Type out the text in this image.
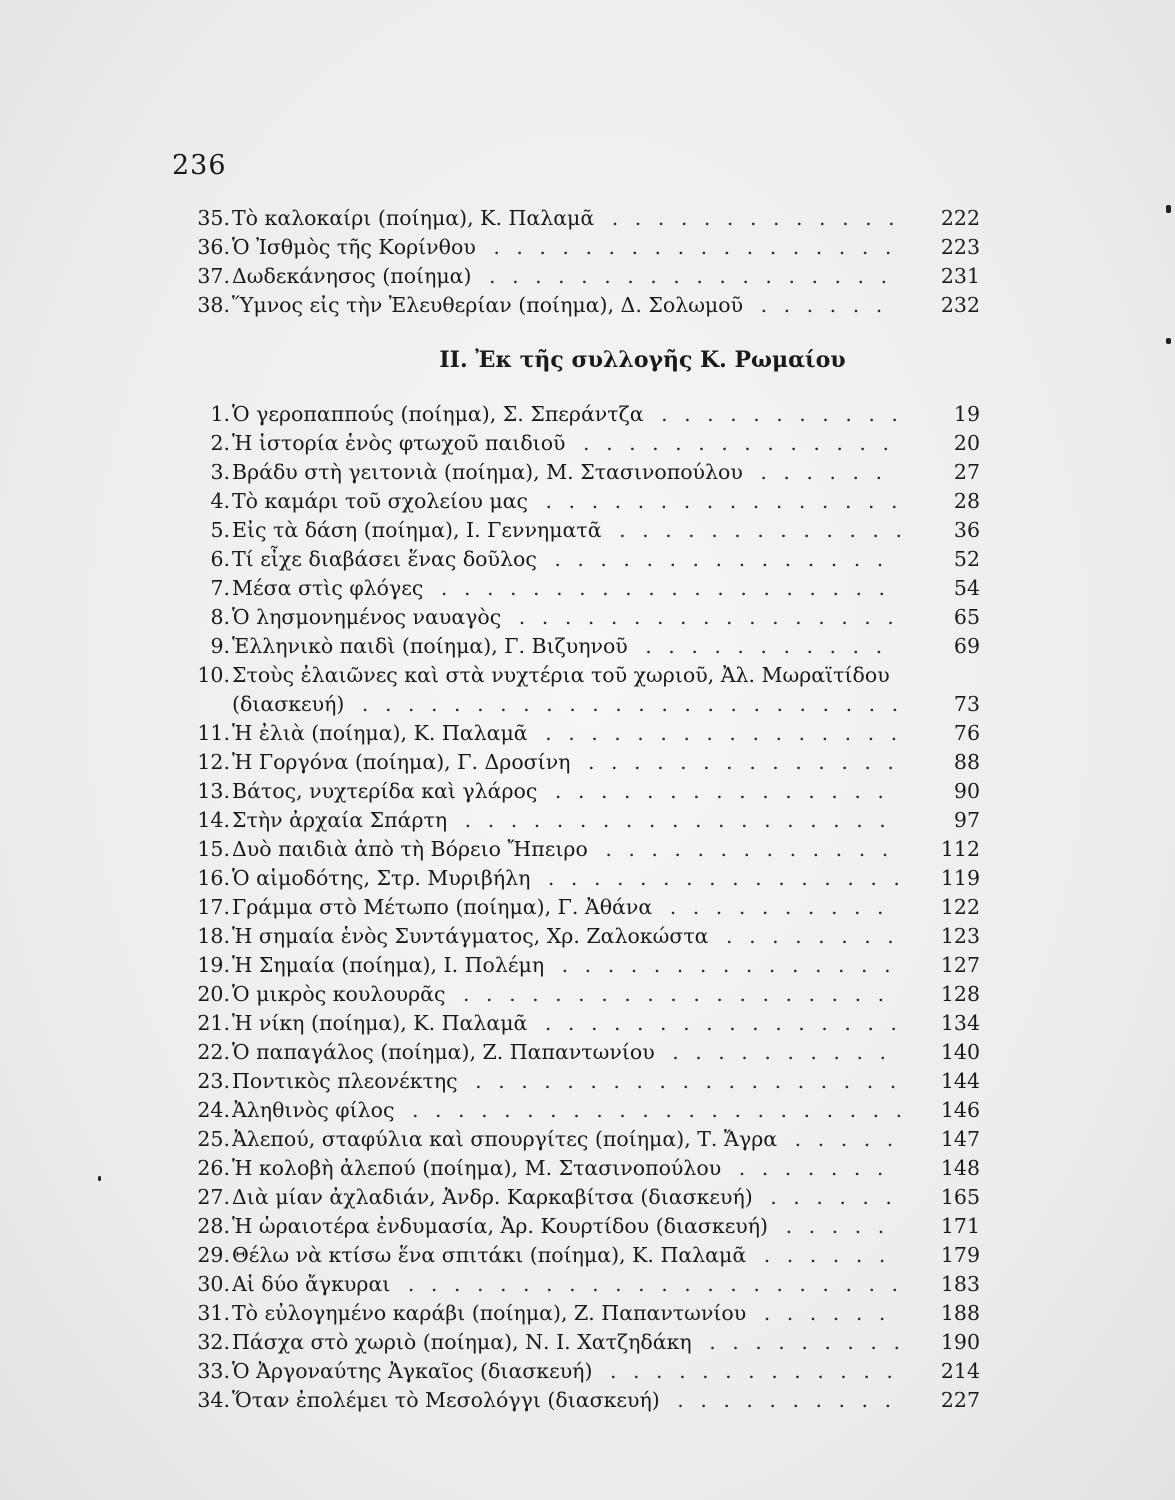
236
35. Τὸ καλοκαίρι (ποίημα), Κ. Παλαμᾶ . . .	222
36. Ὁ Ἰσθμὸς τῆς Κορίνθου . . .	223
37. Δωδεκάνησος (ποίημα) . . .	231
38. Ὕμνος εἰς τὴν Ἐλευθερίαν (ποίημα), Δ. Σολωμοῦ . . .	232
II. Ἐκ τῆς συλλογῆς Κ. Ρωμαίου
1. Ὁ γεροπαππούς (ποίημα), Σ. Σπεράντζα . . .	19
2. Ἡ ἱστορία ἑνὸς φτωχοῦ παιδιοῦ . . .	20
3. Βράδυ στὴ γειτονιὰ (ποίημα), Μ. Στασινοπούλου . . .	27
4. Τὸ καμάρι τοῦ σχολείου μας . . .	28
5. Εἰς τὰ δάση (ποίημα), Ι. Γεννηματᾶ . . .	36
6. Τί εἶχε διαβάσει ἕνας δοῦλος . . .	52
7. Μέσα στὶς φλόγες . . .	54
8. Ὁ λησμονημένος ναυαγὸς . . .	65
9. Ἑλληνικὸ παιδὶ (ποίημα), Γ. Βιζυηνοῦ . . .	69
10. Στοὺς ἐλαιῶνες καὶ στὰ νυχτέρια τοῦ χωριοῦ, Ἀλ. Μωραϊτίδου
(διασκευή) . . .	73
11. Ἡ ἐλιὰ (ποίημα), Κ. Παλαμᾶ . . .	76
12. Ἡ Γοργόνα (ποίημα), Γ. Δροσίνη . . .	88
13. Βάτος, νυχτερίδα καὶ γλάρος . . .	90
14. Στὴν ἀρχαία Σπάρτη . . .	97
15. Δυὸ παιδιὰ ἀπὸ τὴ Βόρειο Ἤπειρο . . .	112
16. Ὁ αἱμοδότης, Στρ. Μυριβήλη . . .	119
17. Γράμμα στὸ Μέτωπο (ποίημα), Γ. Ἀθάνα . . .	122
18. Ἡ σημαία ἑνὸς Συντάγματος, Χρ. Ζαλοκώστα . . .	123
19. Ἡ Σημαία (ποίημα), Ι. Πολέμη . . .	127
20. Ὁ μικρὸς κουλουρᾶς . . .	128
21. Ἡ νίκη (ποίημα), Κ. Παλαμᾶ . . .	134
22. Ὁ παπαγάλος (ποίημα), Ζ. Παπαντωνίου . . .	140
23. Ποντικὸς πλεονέκτης . . .	144
24. Ἀληθινὸς φίλος . . .	146
25. Ἀλεπού, σταφύλια καὶ σπουργίτες (ποίημα), Τ. Ἄγρα . . .	147
26. Ἡ κολοβὴ ἀλεπού (ποίημα), Μ. Στασινοπούλου . . .	148
27. Διὰ μίαν ἀχλαδιάν, Ἀνδρ. Καρκαβίτσα (διασκευή) . . .	165
28. Ἡ ὡραιοτέρα ἐνδυμασία, Ἀρ. Κουρτίδου (διασκευή) . . .	171
29. Θέλω νὰ κτίσω ἕνα σπιτάκι (ποίημα), Κ. Παλαμᾶ . . .	179
30. Αἱ δύο ἄγκυραι . . .	183
31. Τὸ εὐλογημένο καράβι (ποίημα), Ζ. Παπαντωνίου . . .	188
32. Πάσχα στὸ χωριὸ (ποίημα), Ν. Ι. Χατζηδάκη . . .	190
33. Ὁ Ἀργοναύτης Ἀγκαῖος (διασκευή) . . .	214
34. Ὅταν ἐπολέμει τὸ Μεσολόγγι (διασκευή) . . .	227
